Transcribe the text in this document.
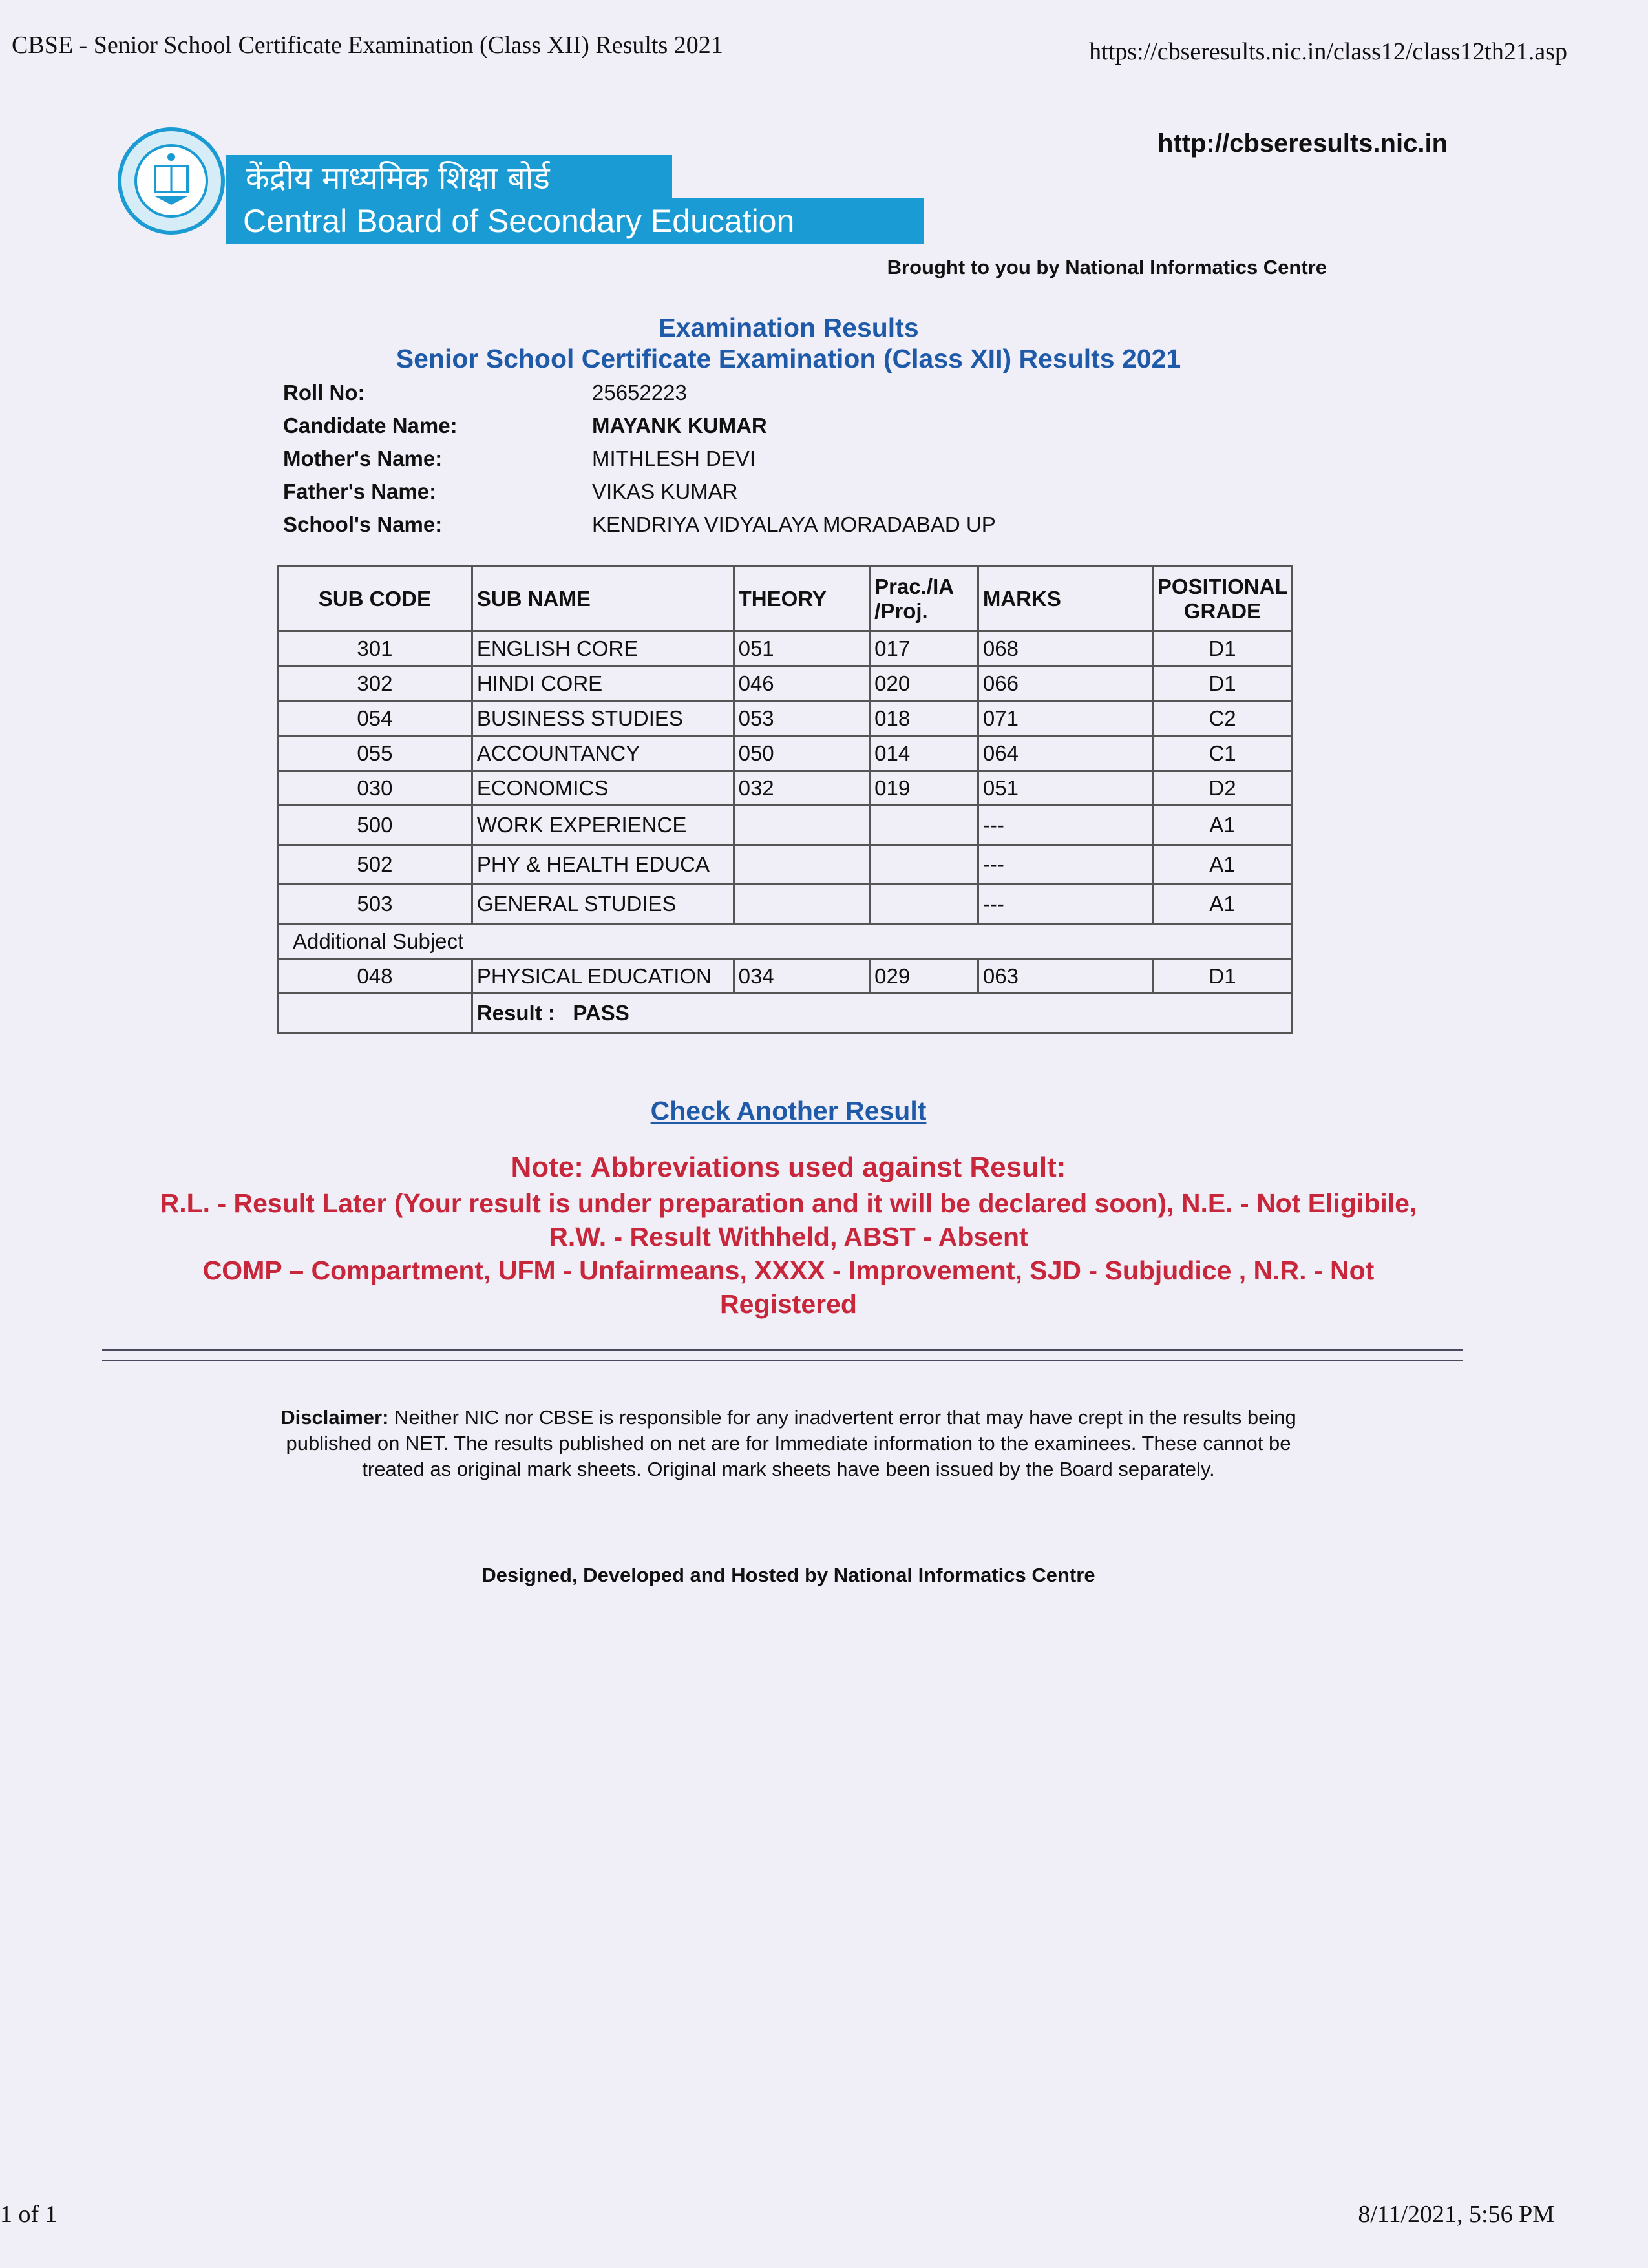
CBSE - Senior School Certificate Examination (Class XII) Results 2021	https://cbseresults.nic.in/class12/class12th21.asp
केंद्रीय माध्यमिक शिक्षा बोर्ड
Central Board of Secondary Education
http://cbseresults.nic.in
Brought to you by National Informatics Centre
Examination Results
Senior School Certificate Examination (Class XII) Results 2021
Roll No:	25652223
Candidate Name:	MAYANK KUMAR
Mother's Name:	MITHLESH DEVI
Father's Name:	VIKAS KUMAR
School's Name:	KENDRIYA VIDYALAYA MORADABAD UP
SUB CODE	SUB NAME	THEORY	Prac./IA /Proj.	MARKS	POSITIONAL GRADE
301	ENGLISH CORE	051	017	068	D1
302	HINDI CORE	046	020	066	D1
054	BUSINESS STUDIES	053	018	071	C2
055	ACCOUNTANCY	050	014	064	C1
030	ECONOMICS	032	019	051	D2
500	WORK EXPERIENCE			---	A1
502	PHY & HEALTH EDUCA			---	A1
503	GENERAL STUDIES			---	A1
Additional Subject					
048	PHYSICAL EDUCATION	034	029	063	D1
	Result : PASS				
Check Another Result
Note: Abbreviations used against Result:
R.L. - Result Later (Your result is under preparation and it will be declared soon), N.E. - Not Eligibile,
R.W. - Result Withheld, ABST - Absent
COMP – Compartment, UFM - Unfairmeans, XXXX - Improvement, SJD - Subjudice , N.R. - Not
Registered
Disclaimer: Neither NIC nor CBSE is responsible for any inadvertent error that may have crept in the results being published on NET. The results published on net are for Immediate information to the examinees. These cannot be treated as original mark sheets. Original mark sheets have been issued by the Board separately.
Designed, Developed and Hosted by National Informatics Centre
1 of 1	8/11/2021, 5:56 PM
